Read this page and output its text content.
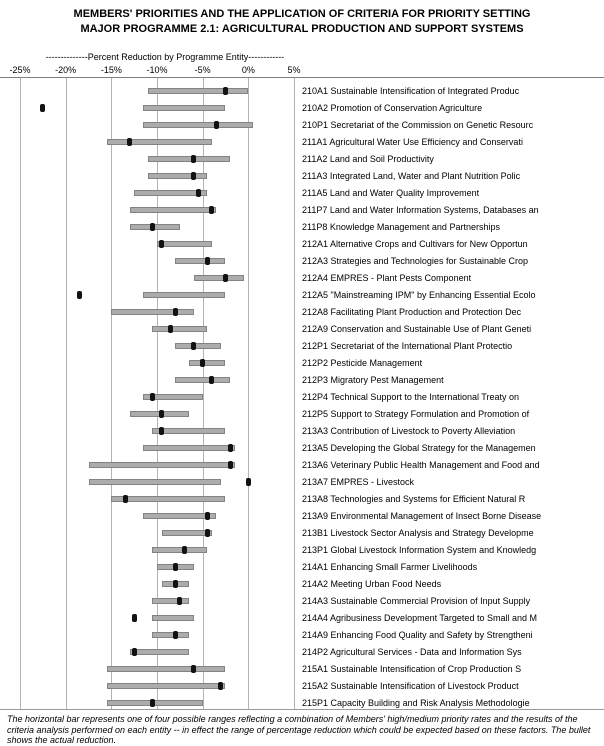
MEMBERS' PRIORITIES AND THE APPLICATION OF CRITERIA FOR PRIORITY SETTING
MAJOR PROGRAMME 2.1: AGRICULTURAL PRODUCTION AND SUPPORT SYSTEMS
--------------Percent Reduction by Programme Entity------------
-25%	-20%	-15%	-10%	-5%	0%	5%
210A1 Sustainable Intensification of Integrated Produc
210A2 Promotion of Conservation Agriculture
210P1 Secretariat of the Commission on Genetic Resourc
211A1 Agricultural Water Use Efficiency and Conservati
211A2 Land and Soil Productivity
211A3 Integrated Land, Water and Plant Nutrition Polic
211A5 Land and Water Quality Improvement
211P7 Land and Water Information Systems, Databases an
211P8 Knowledge Management and Partnerships
212A1 Alternative Crops and Cultivars for New Opportun
212A3 Strategies and Technologies for Sustainable Crop
212A4 EMPRES - Plant Pests Component
212A5 "Mainstreaming IPM" by Enhancing Essential Ecolo
212A8 Facilitating Plant Production and Protection Dec
212A9 Conservation and Sustainable Use of Plant Geneti
212P1 Secretariat of the International Plant Protectio
212P2 Pesticide Management
212P3 Migratory Pest Management
212P4 Technical Support to the International Treaty on
212P5 Support to Strategy Formulation and Promotion of
213A3 Contribution of Livestock to Poverty Alleviation
213A5 Developing the Global Strategy for the Managemen
213A6 Veterinary Public Health Management and Food and
213A7 EMPRES - Livestock
213A8 Technologies and Systems for Efficient Natural R
213A9 Environmental Management of Insect Borne Disease
213B1 Livestock Sector Analysis and Strategy Developme
213P1 Global Livestock Information System and Knowledg
214A1 Enhancing Small Farmer Livelihoods
214A2 Meeting Urban Food Needs
214A3 Sustainable Commercial Provision of Input Supply
214A4 Agribusiness Development Targeted to Small and M
214A9 Enhancing Food Quality and Safety by Strengtheni
214P2 Agricultural Services - Data and Information Sys
215A1 Sustainable Intensification of Crop Production S
215A2 Sustainable Intensification of Livestock Product
215P1 Capacity Building and Risk Analysis Methodologie
The horizontal bar represents one of four possible ranges reflecting a combination of Members' high/medium priority rates and the results of the criteria analysis performed on each entity -- in effect the range of percentage reduction which could be expected based on these factors. The bullet shows the actual reduction.
